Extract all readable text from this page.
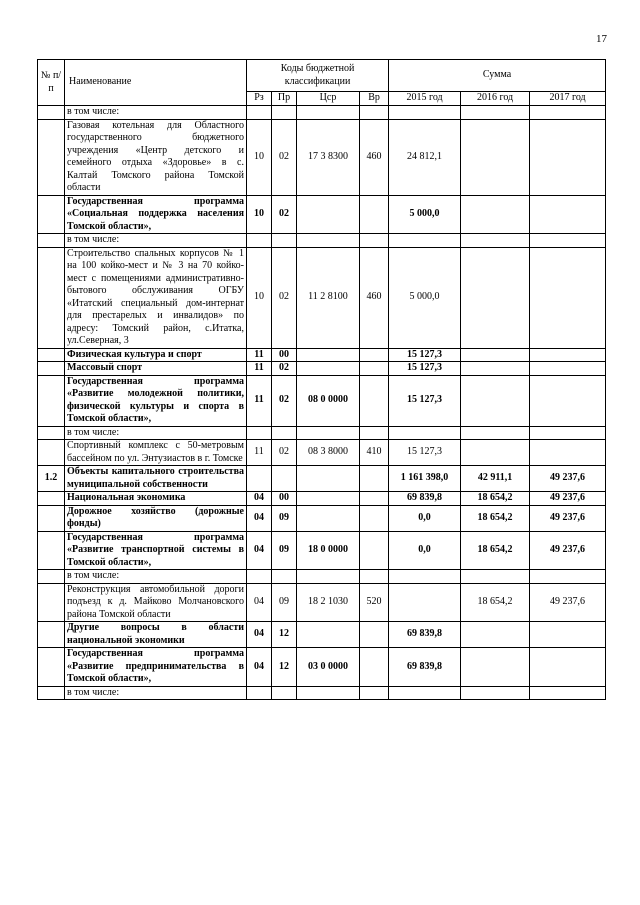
17
№ п/п	Наименование	Коды бюджетной классификации				Сумма		
		Рз	Пр	Цср	Вр	2015 год	2016 год	2017 год
	в том числе:							
	Газовая котельная для Областного государственного бюджетного учреждения «Центр детского и семейного отдыха «Здоровье» в с. Калтай Томского района Томской области	10	02	17 3 8300	460	24 812,1		
	Государственная программа «Социальная поддержка населения Томской области»,	10	02			5 000,0		
	в том числе:							
	Строительство спальных корпусов № 1 на 100 койко-мест и № 3 на 70 койко-мест с помещениями административно-бытового обслуживания ОГБУ «Итатский специальный дом-интернат для престарелых и инвалидов» по адресу: Томский район, с.Итатка, ул.Северная, 3	10	02	11 2 8100	460	5 000,0		
	Физическая культура и спорт	11	00			15 127,3		
	Массовый спорт	11	02			15 127,3		
	Государственная программа «Развитие молодежной политики, физической культуры и спорта в Томской области»,	11	02	08 0 0000		15 127,3		
	в том числе:							
	Спортивный комплекс с 50-метровым бассейном по ул. Энтузиастов в г. Томске	11	02	08 3 8000	410	15 127,3		
1.2	Объекты капитального строительства муниципальной собственности					1 161 398,0	42 911,1	49 237,6
	Национальная экономика	04	00			69 839,8	18 654,2	49 237,6
	Дорожное хозяйство (дорожные фонды)	04	09			0,0	18 654,2	49 237,6
	Государственная программа «Развитие транспортной системы в Томской области»,	04	09	18 0 0000		0,0	18 654,2	49 237,6
	в том числе:							
	Реконструкция автомобильной дороги подъезд к д. Майково Молчановского района Томской области	04	09	18 2 1030	520		18 654,2	49 237,6
	Другие вопросы в области национальной экономики	04	12			69 839,8		
	Государственная программа «Развитие предпринимательства в Томской области»,	04	12	03 0 0000		69 839,8		
	в том числе:							
